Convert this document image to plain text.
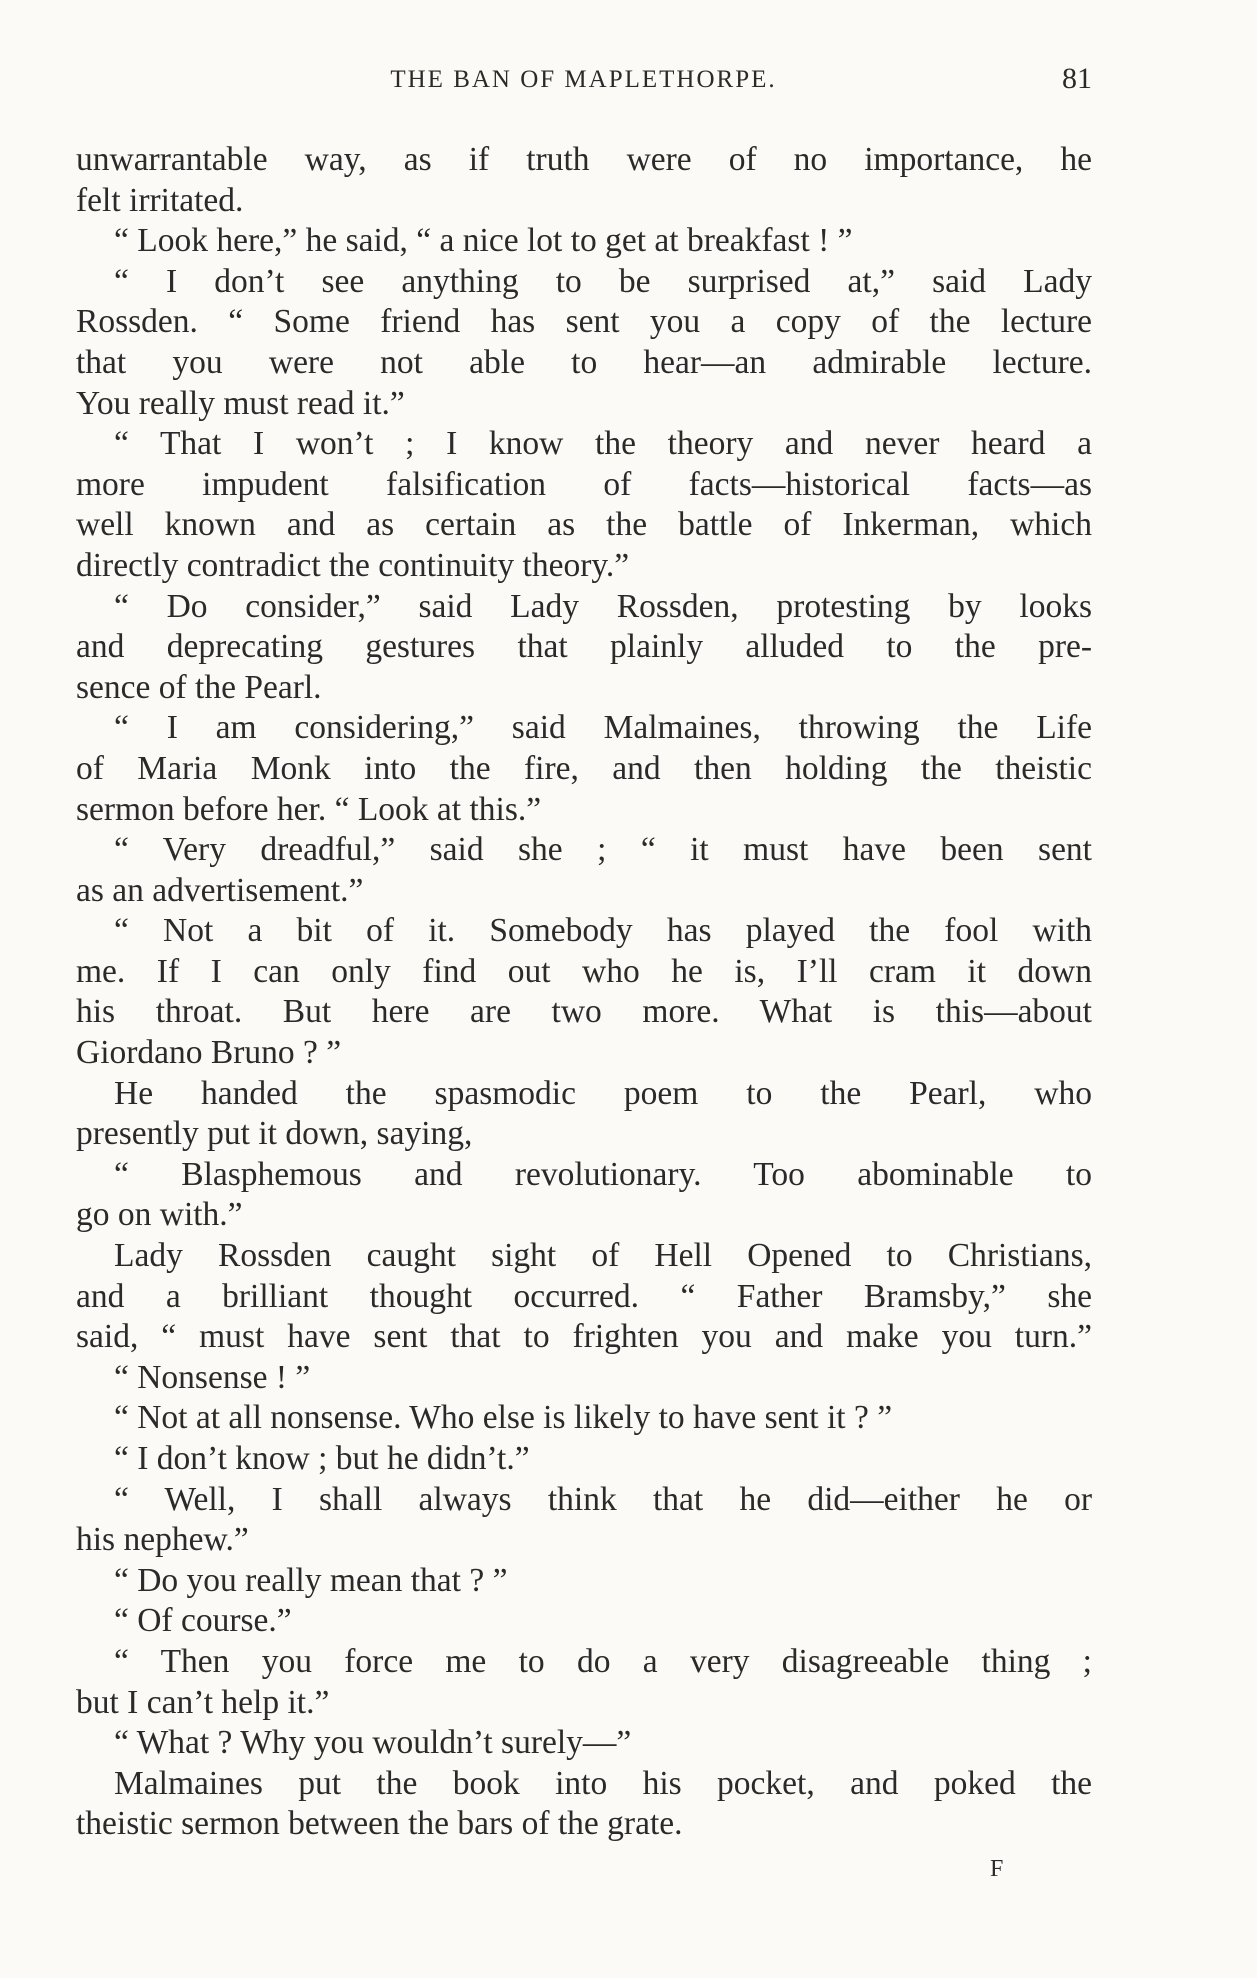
THE BAN OF MAPLETHORPE.	81
unwarrantable way, as if truth were of no importance, he
felt irritated.
“ Look here,” he said, “ a nice lot to get at breakfast ! ”
“ I don’t see anything to be surprised at,” said Lady
Rossden. “ Some friend has sent you a copy of the lecture
that you were not able to hear—an admirable lecture.
You really must read it.”
“ That I won’t ; I know the theory and never heard a
more impudent falsification of facts—historical facts—as
well known and as certain as the battle of Inkerman, which
directly contradict the continuity theory.”
“ Do consider,” said Lady Rossden, protesting by looks
and deprecating gestures that plainly alluded to the pre-
sence of the Pearl.
“ I am considering,” said Malmaines, throwing the Life
of Maria Monk into the fire, and then holding the theistic
sermon before her. “ Look at this.”
“ Very dreadful,” said she ; “ it must have been sent
as an advertisement.”
“ Not a bit of it. Somebody has played the fool with
me. If I can only find out who he is, I’ll cram it down
his throat. But here are two more. What is this—about
Giordano Bruno ? ”
He handed the spasmodic poem to the Pearl, who
presently put it down, saying,
“ Blasphemous and revolutionary. Too abominable to
go on with.”
Lady Rossden caught sight of Hell Opened to Christians,
and a brilliant thought occurred. “ Father Bramsby,” she
said, “ must have sent that to frighten you and make you turn.”
“ Nonsense ! ”
“ Not at all nonsense. Who else is likely to have sent it ? ”
“ I don’t know ; but he didn’t.”
“ Well, I shall always think that he did—either he or
his nephew.”
“ Do you really mean that ? ”
“ Of course.”
“ Then you force me to do a very disagreeable thing ;
but I can’t help it.”
“ What ? Why you wouldn’t surely—”
Malmaines put the book into his pocket, and poked the
theistic sermon between the bars of the grate.
F
